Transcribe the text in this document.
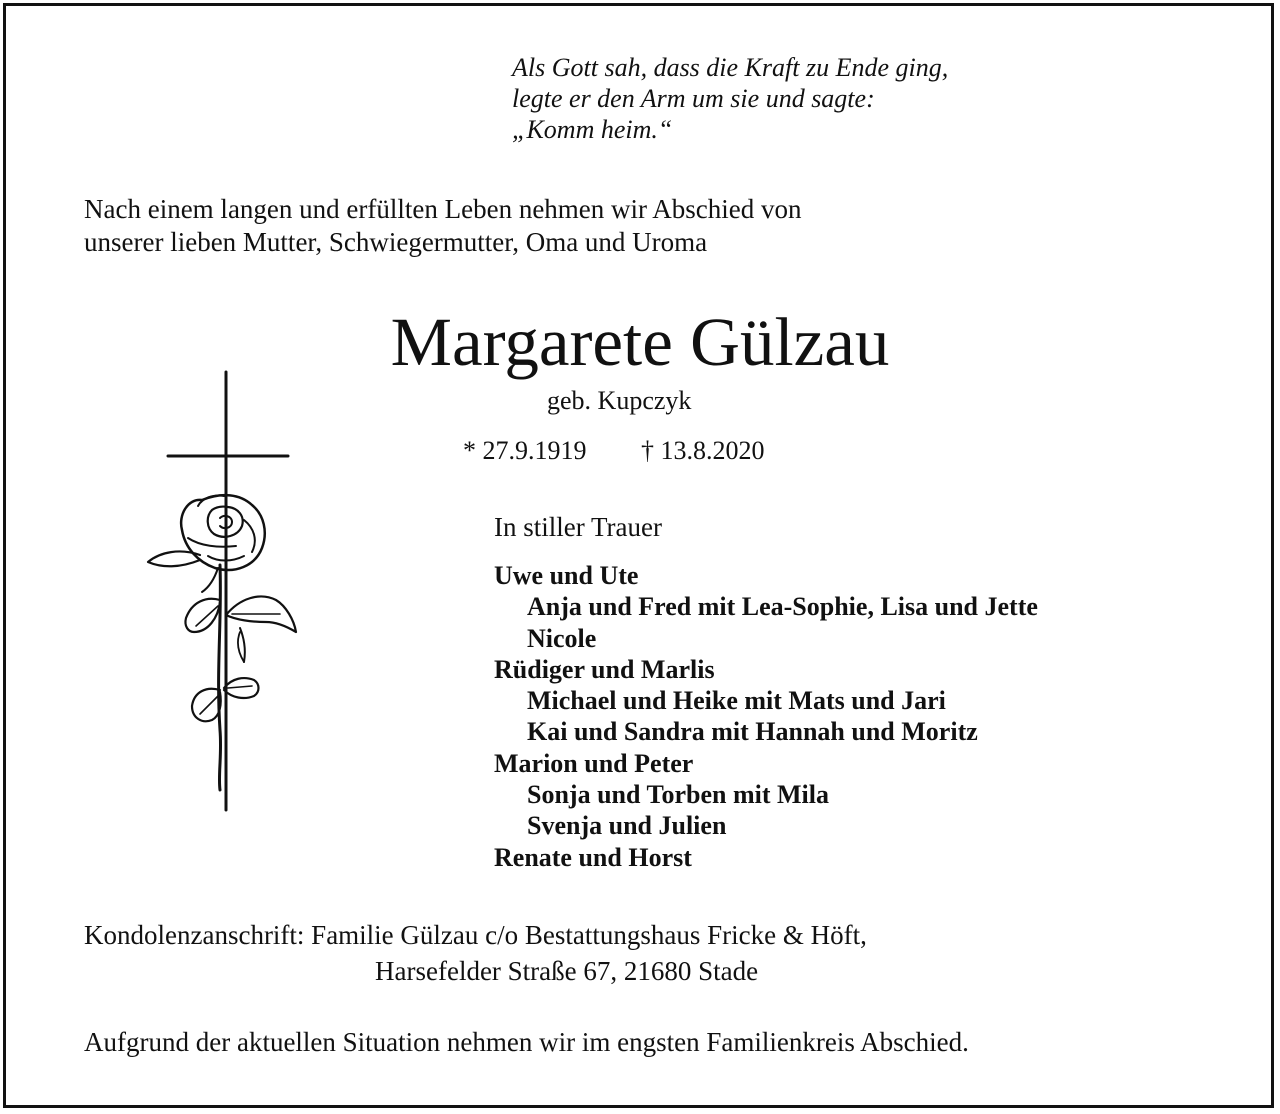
Als Gott sah, dass die Kraft zu Ende ging,
legte er den Arm um sie und sagte:
„Komm heim.“
Nach einem langen und erfüllten Leben nehmen wir Abschied von
unserer lieben Mutter, Schwiegermutter, Oma und Uroma
Margarete Gülzau
geb. Kupczyk
* 27.9.1919 † 13.8.2020
In stiller Trauer
Uwe und Ute
Anja und Fred mit Lea-Sophie, Lisa und Jette
Nicole
Rüdiger und Marlis
Michael und Heike mit Mats und Jari
Kai und Sandra mit Hannah und Moritz
Marion und Peter
Sonja und Torben mit Mila
Svenja und Julien
Renate und Horst
Kondolenzanschrift: Familie Gülzau c/o Bestattungshaus Fricke & Höft,
Harsefelder Straße 67, 21680 Stade
Aufgrund der aktuellen Situation nehmen wir im engsten Familienkreis Abschied.
